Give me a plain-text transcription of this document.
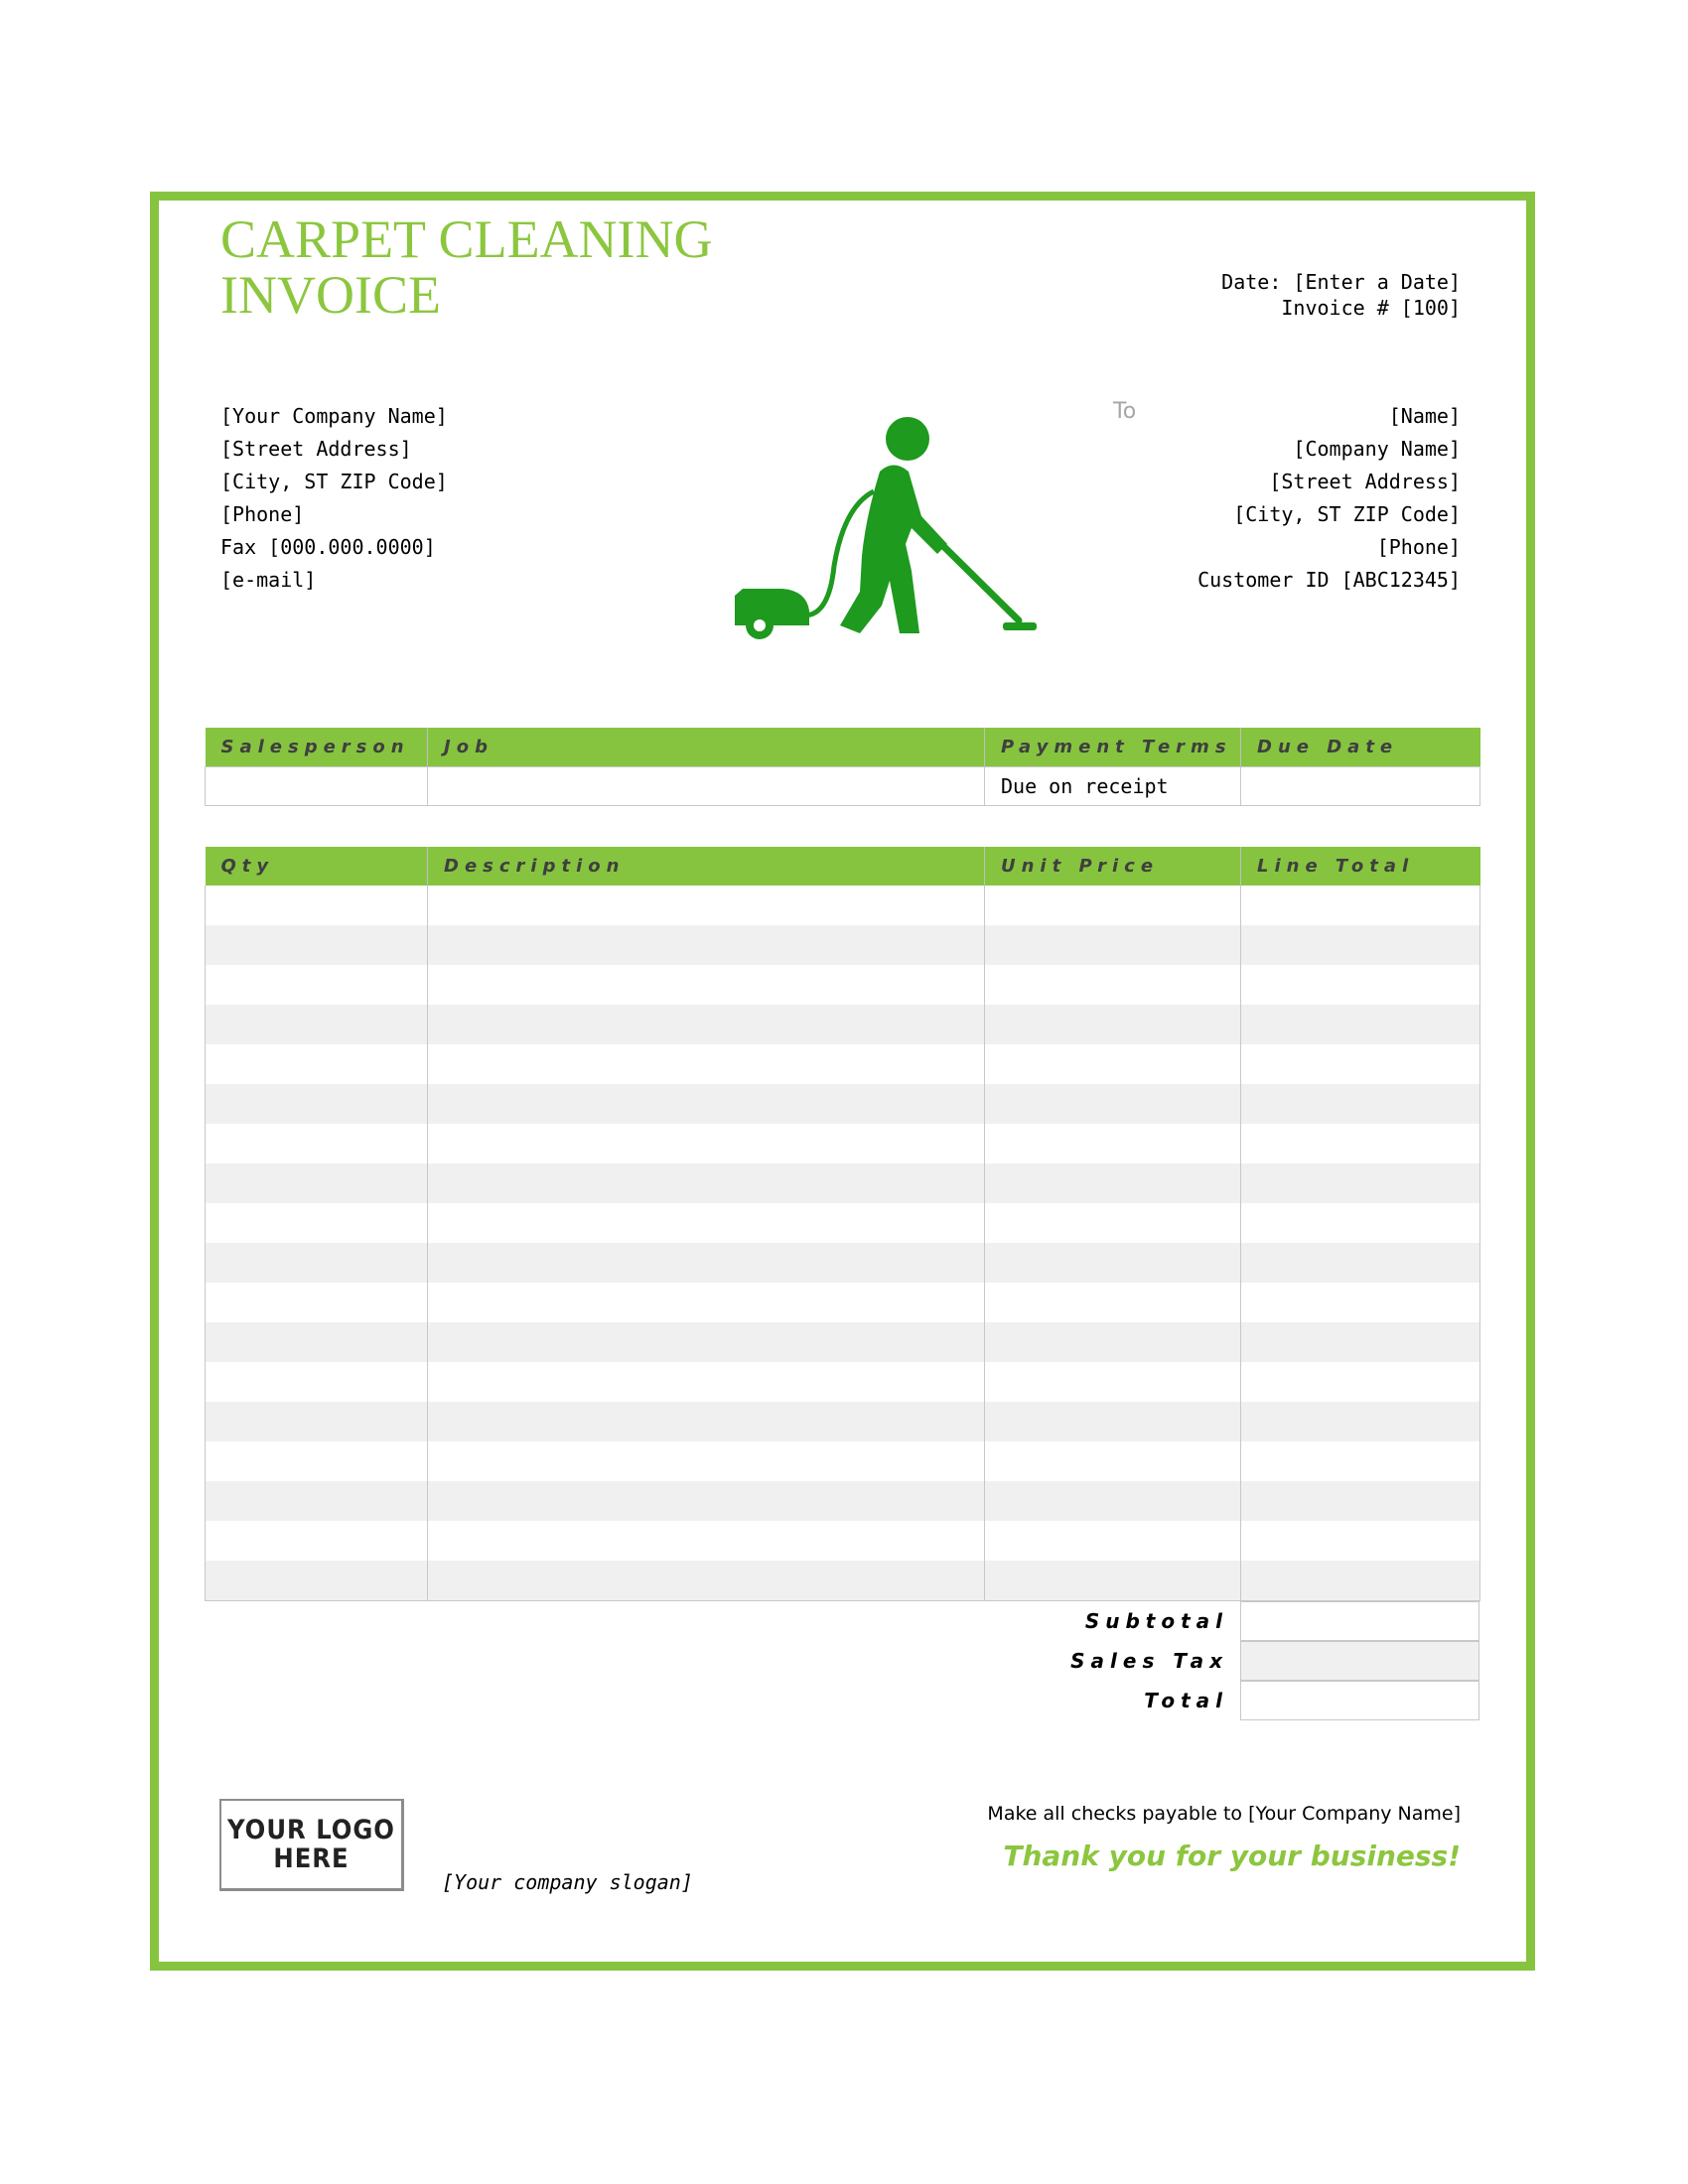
CARPET CLEANING
INVOICE	Date: [Enter a Date]
Invoice # [100]
[Your Company Name]
[Street Address]
[City, ST ZIP Code]
[Phone]
Fax [000.000.0000]
[e-mail]
To	[Name]
[Company Name]
[Street Address]
[City, ST ZIP Code]
[Phone]
Customer ID [ABC12345]
Salesperson	Job	Payment Terms	Due Date
		Due on receipt	
Qty	Description	Unit Price	Line Total

Subtotal
Sales Tax
Total
YOUR LOGO
HERE
[Your company slogan]
Make all checks payable to [Your Company Name]
Thank you for your business!
